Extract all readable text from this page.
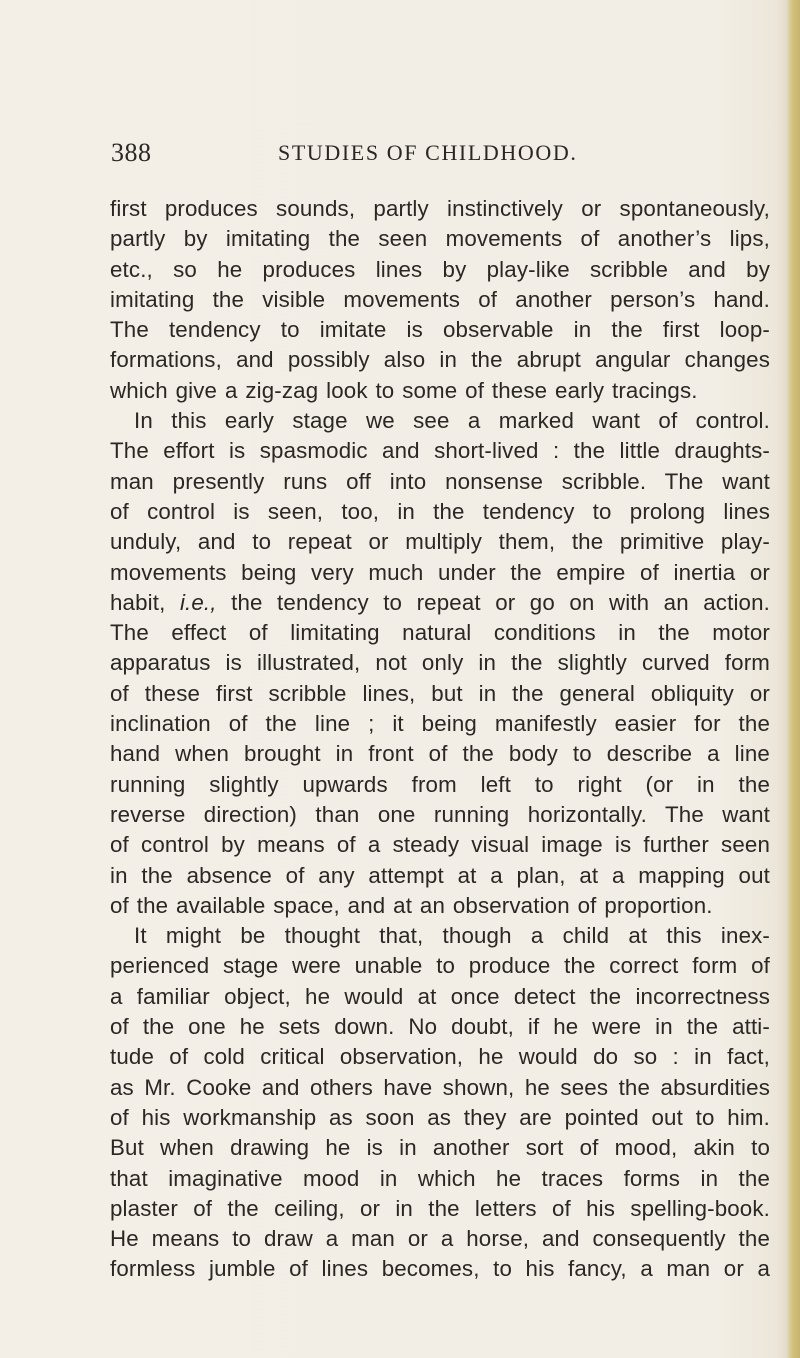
388	STUDIES OF CHILDHOOD.
first produces sounds, partly instinctively or spontaneously,
partly by imitating the seen movements of another’s lips,
etc., so he produces lines by play-like scribble and by
imitating the visible movements of another person’s hand.
The tendency to imitate is observable in the first loop-
formations, and possibly also in the abrupt angular changes
which give a zig-zag look to some of these early tracings.
In this early stage we see a marked want of control.
The effort is spasmodic and short-lived : the little draughts-
man presently runs off into nonsense scribble. The want
of control is seen, too, in the tendency to prolong lines
unduly, and to repeat or multiply them, the primitive play-
movements being very much under the empire of inertia or
habit, i.e., the tendency to repeat or go on with an action.
The effect of limitating natural conditions in the motor
apparatus is illustrated, not only in the slightly curved form
of these first scribble lines, but in the general obliquity or
inclination of the line ; it being manifestly easier for the
hand when brought in front of the body to describe a line
running slightly upwards from left to right (or in the
reverse direction) than one running horizontally. The want
of control by means of a steady visual image is further seen
in the absence of any attempt at a plan, at a mapping out
of the available space, and at an observation of proportion.
It might be thought that, though a child at this inex-
perienced stage were unable to produce the correct form of
a familiar object, he would at once detect the incorrectness
of the one he sets down. No doubt, if he were in the atti-
tude of cold critical observation, he would do so : in fact,
as Mr. Cooke and others have shown, he sees the absurdities
of his workmanship as soon as they are pointed out to him.
But when drawing he is in another sort of mood, akin to
that imaginative mood in which he traces forms in the
plaster of the ceiling, or in the letters of his spelling-book.
He means to draw a man or a horse, and consequently the
formless jumble of lines becomes, to his fancy, a man or a
